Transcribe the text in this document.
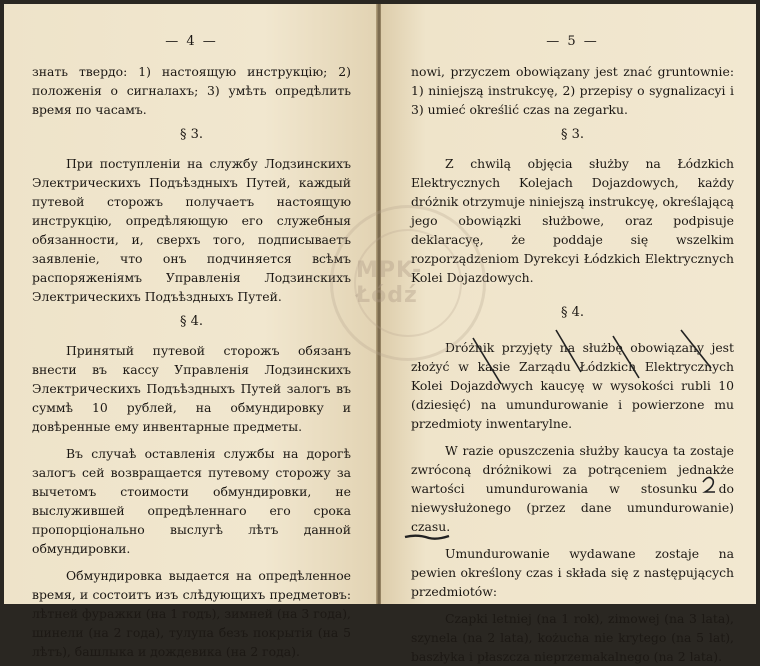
— 4 —

знать твердо: 1) настоящую инструкцію; 2) положенія о сигналахъ; 3) умѣть опредѣлить время по часамъ.

§ 3.

При поступленіи на службу Лодзинскихъ Электрическихъ Подъѣздныхъ Путей, каждый путевой сторожъ получаетъ настоящую инструкцію, опредѣляющую его служебныя обязанности, и, сверхъ того, подписываетъ заявленіе, что онъ подчиняется всѣмъ распоряженіямъ Управленія Лодзинскихъ Электрическихъ Подъѣздныхъ Путей.

§ 4.

Принятый путевой сторожъ обязанъ внести въ кассу Управленія Лодзинскихъ Электрическихъ Подъѣздныхъ Путей залогъ въ суммѣ 10 рублей, на обмундировку и довѣренные ему инвентарные предметы.

Въ случаѣ оставленія службы на дорогѣ залогъ сей возвращается путевому сторожу за вычетомъ стоимости обмундировки, не выслужившей опредѣленнаго его срока пропорціонально выслугѣ лѣтъ данной обмундировки.

Обмундировка выдается на опредѣленное время, и состоитъ изъ слѣдующихъ предметовъ: лѣтней фуражки (на 1 годъ), зимней (на 3 года), шинели (на 2 года), тулупа безъ покрытія (на 5 лѣтъ), башлыка и дождевика (на 2 года).

— 5 —

nowi, przyczem obowiązany jest znać gruntownie: 1) niniejszą instrukcyę, 2) przepisy o sygnalizacyi i 3) umieć określić czas na zegarku.

§ 3.

Z chwilą objęcia służby na Łódzkich Elektrycznych Kolejach Dojazdowych, każdy dróżnik otrzymuje niniejszą instrukcyę, określającą jego obowiązki służbowe, oraz podpisuje deklaracyę, że poddaje się wszelkim rozporządzeniom Dyrekcyi Łódzkich Elektrycznych Kolei Dojazdowych.

§ 4.

Dróżnik przyjęty na służbę obowiązany jest złożyć w kasie Zarządu Łódzkich Elektrycznych Kolei Dojazdowych kaucyę w wysokości rubli 10 (dziesięć) na umundurowanie i powierzone mu przedmioty inwentarylne.

W razie opuszczenia służby kaucya ta zostaje zwróconą dróżnikowi za potrąceniem jednakże wartości umundurowania w stosunku do niewysłużonego (przez dane umundurowanie) czasu.

Umundurowanie wydawane zostaje na pewien określony czas i składa się z następujących przedmiotów:

Czapki letniej (na 1 rok), zimowej (na 3 lata), szynela (na 2 lata), kożucha nie krytego (na 5 lat), baszłyka i płaszcza nieprzemakalnego (na 2 lata).

MPK-Łódź
